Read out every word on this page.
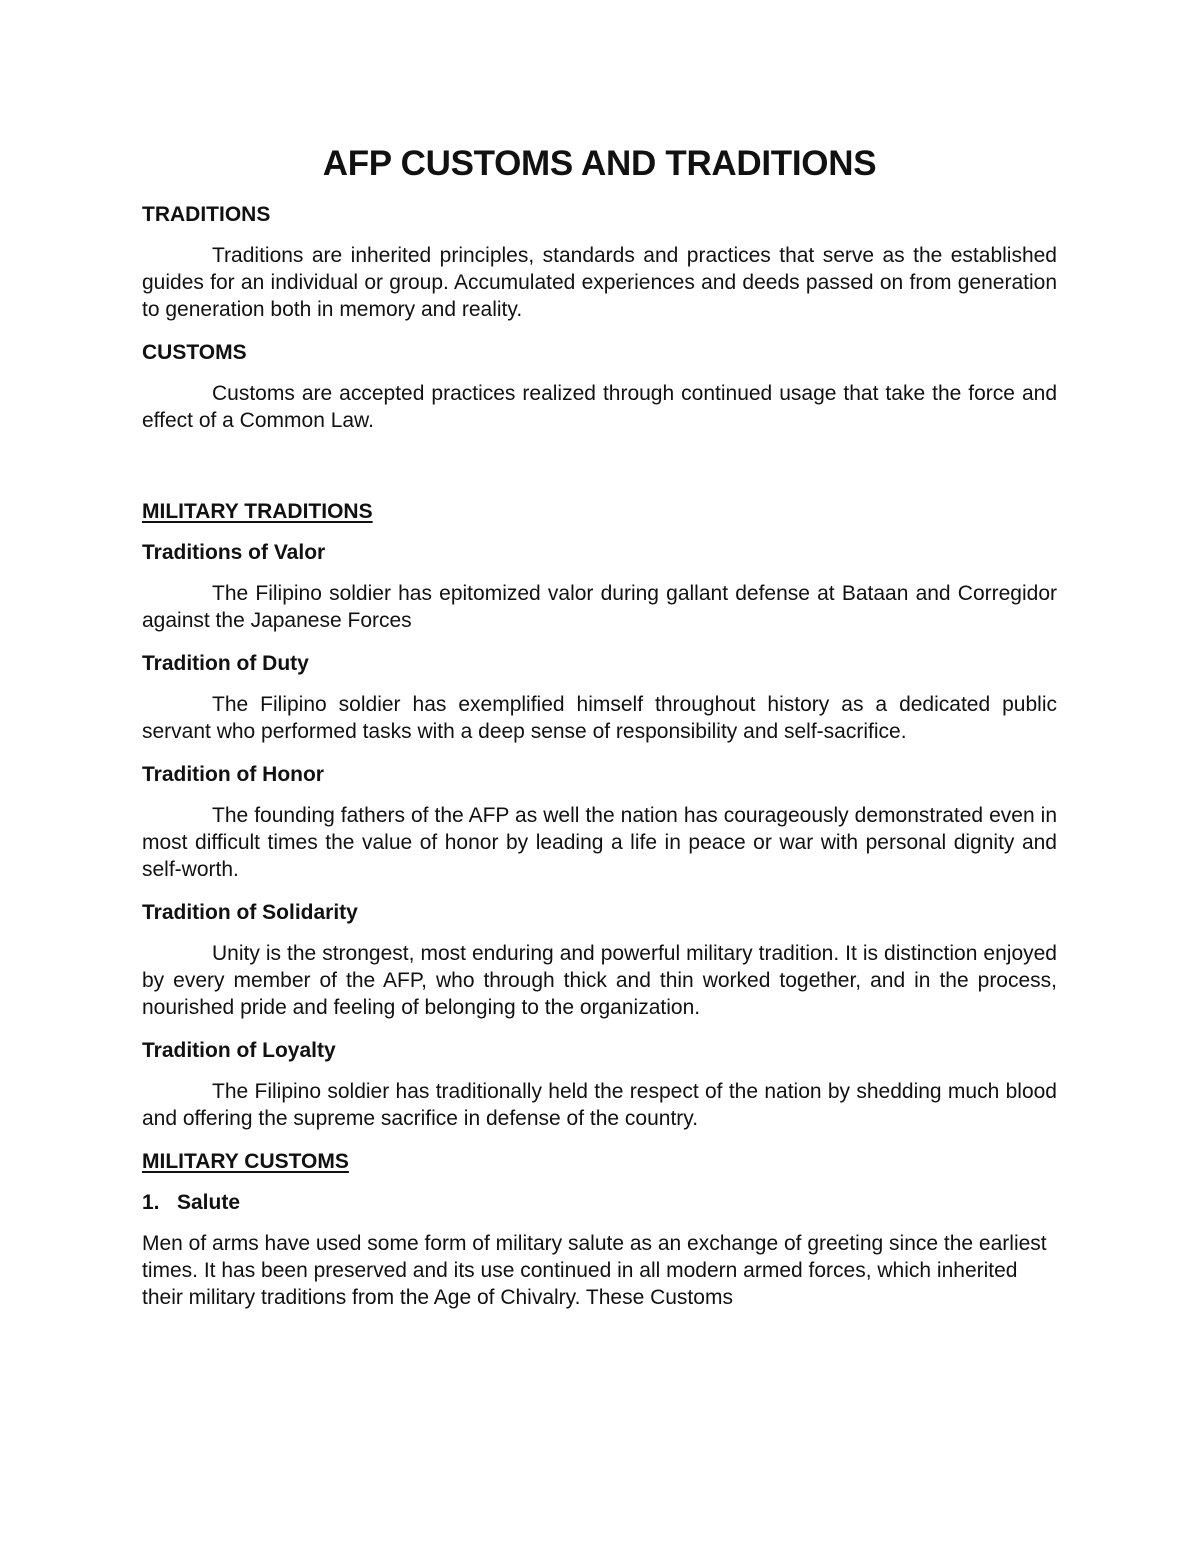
AFP CUSTOMS AND TRADITIONS
TRADITIONS

Traditions are inherited principles, standards and practices that serve as the established guides for an individual or group. Accumulated experiences and deeds passed on from generation to generation both in memory and reality.

CUSTOMS

Customs are accepted practices realized through continued usage that take the force and effect of a Common Law.

MILITARY TRADITIONS
Traditions of Valor

The Filipino soldier has epitomized valor during gallant defense at Bataan and Corregidor against the Japanese Forces

Tradition of Duty

The Filipino soldier has exemplified himself throughout history as a dedicated public servant who performed tasks with a deep sense of responsibility and self-sacrifice.

Tradition of Honor

The founding fathers of the AFP as well the nation has courageously demonstrated even in most difficult times the value of honor by leading a life in peace or war with personal dignity and self-worth.

Tradition of Solidarity

Unity is the strongest, most enduring and powerful military tradition. It is distinction enjoyed by every member of the AFP, who through thick and thin worked together, and in the process, nourished pride and feeling of belonging to the organization.

Tradition of Loyalty

The Filipino soldier has traditionally held the respect of the nation by shedding much blood and offering the supreme sacrifice in defense of the country.

MILITARY CUSTOMS
1. Salute

Men of arms have used some form of military salute as an exchange of greeting since the earliest times. It has been preserved and its use continued in all modern armed forces, which inherited their military traditions from the Age of Chivalry. These Customs
